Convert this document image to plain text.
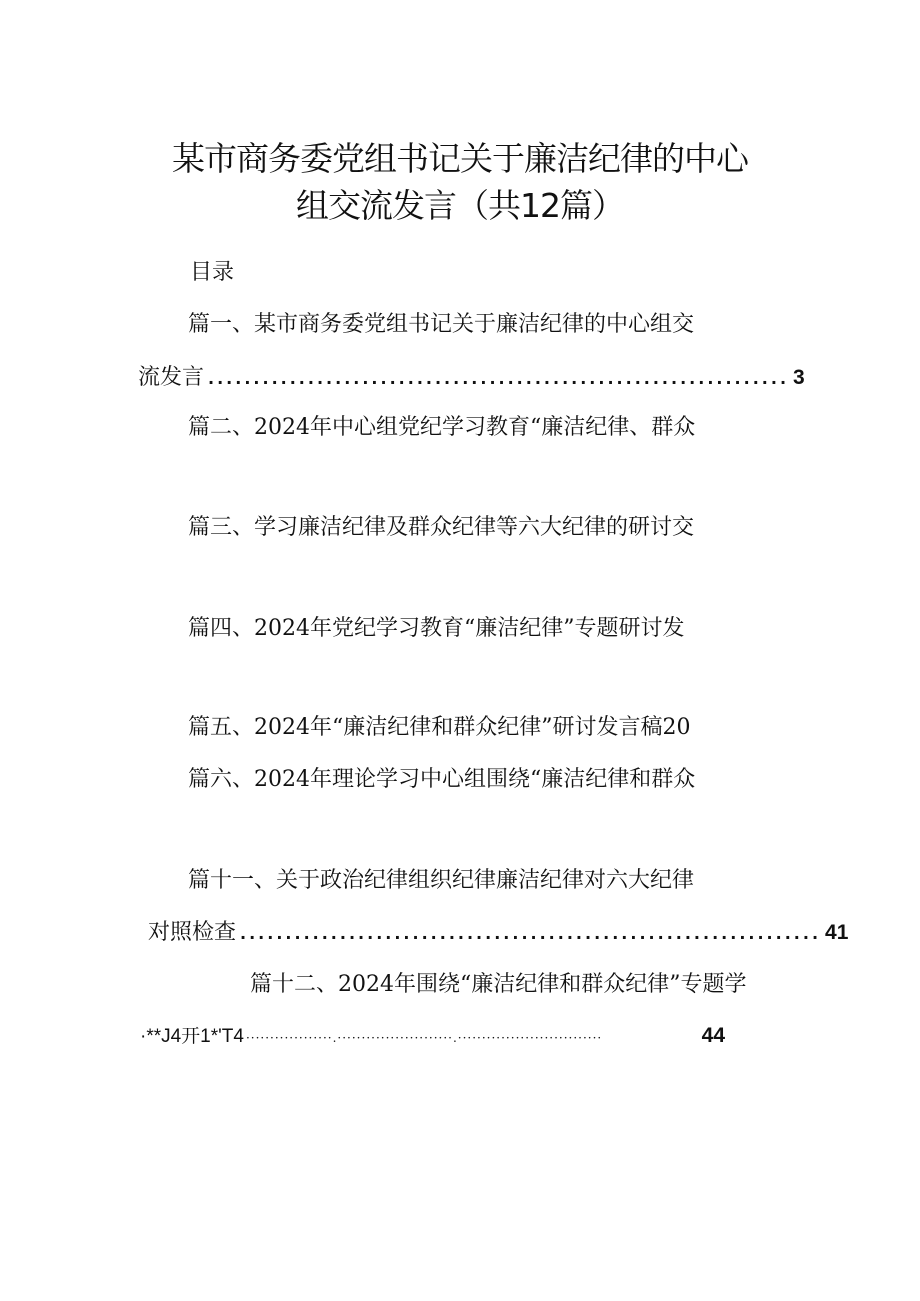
某市商务委党组书记关于廉洁纪律的中心
组交流发言（共12篇）
目录
篇一、某市商务委党组书记关于廉洁纪律的中心组交
流发言 ................................................................ 3
篇二、2024年中心组党纪学习教育“廉洁纪律、群众
篇三、学习廉洁纪律及群众纪律等六大纪律的研讨交
篇四、2024年党纪学习教育“廉洁纪律”专题研讨发
篇五、2024年“廉洁纪律和群众纪律”研讨发言稿20
篇六、2024年理论学习中心组围绕“廉洁纪律和群众
篇十一、关于政治纪律组织纪律廉洁纪律对六大纪律
对照检查 ................................................................ 41
篇十二、2024年围绕“廉洁纪律和群众纪律”专题学
·**J4开1*'T4 ··················.························.······························	44
